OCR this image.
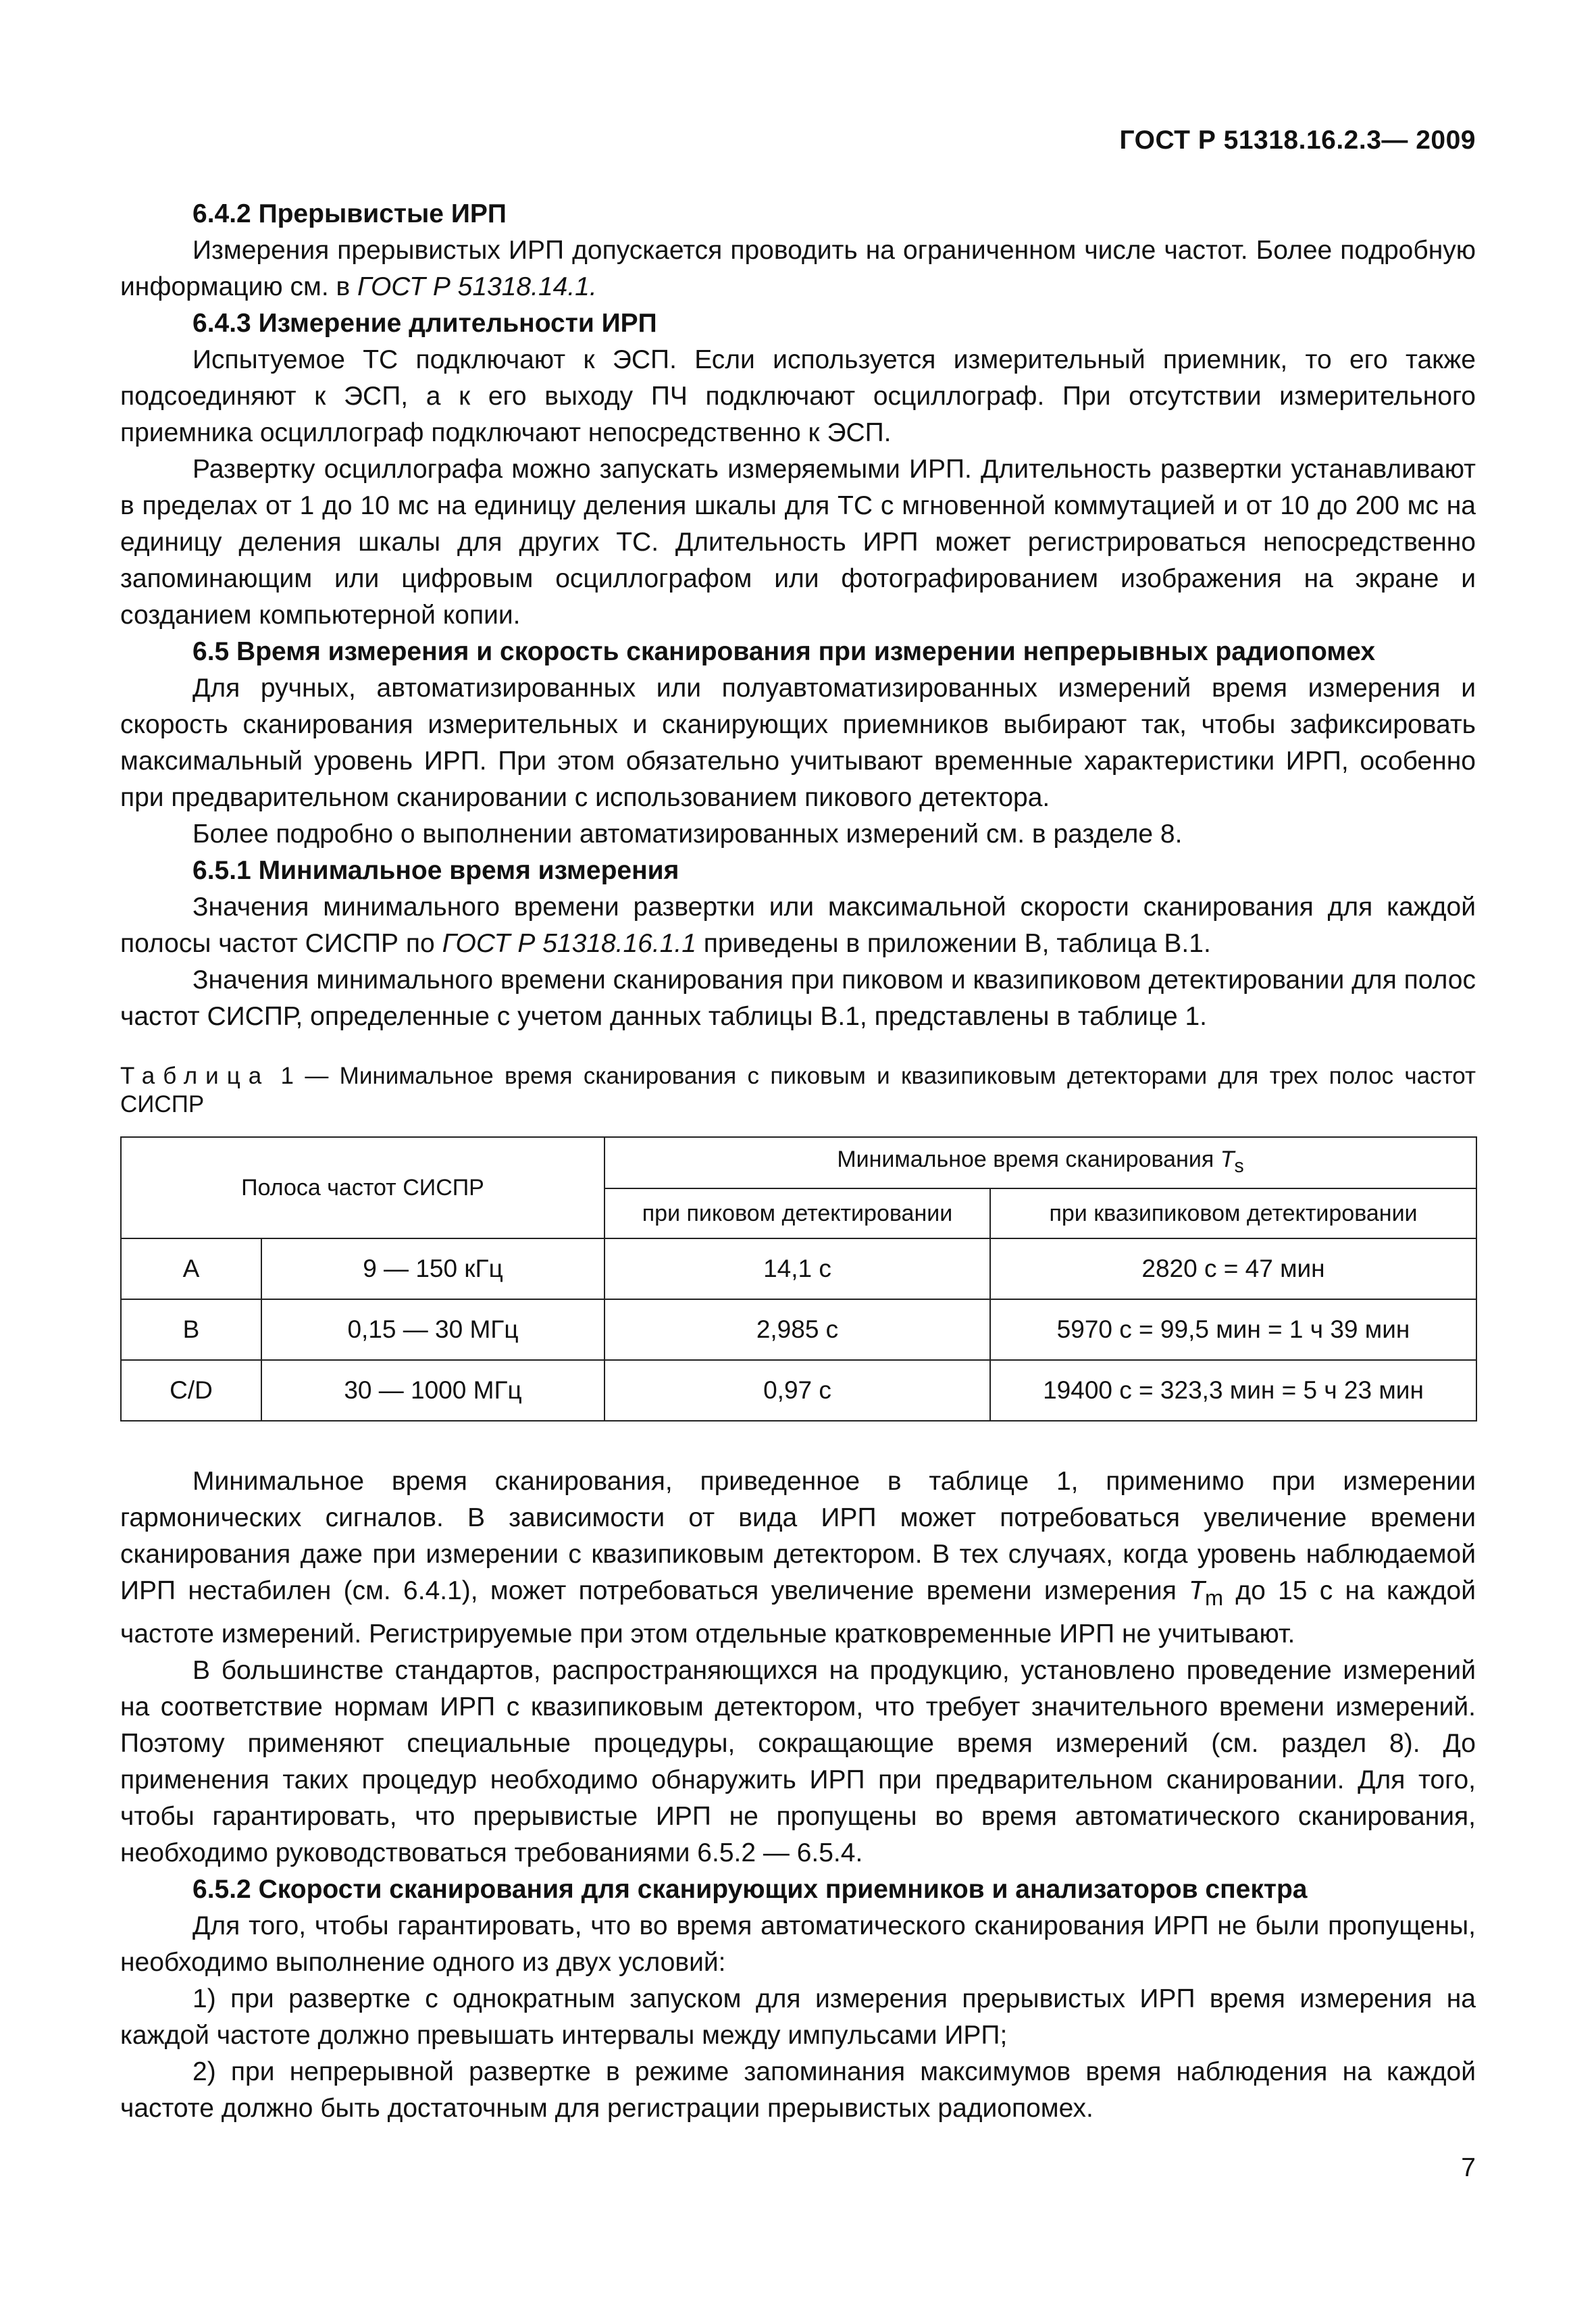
ГОСТ Р 51318.16.2.3— 2009

6.4.2 Прерывистые ИРП

Измерения прерывистых ИРП допускается проводить на ограниченном числе частот. Более подробную информацию см. в ГОСТ Р 51318.14.1.

6.4.3 Измерение длительности ИРП

Испытуемое ТС подключают к ЭСП. Если используется измерительный приемник, то его также подсоединяют к ЭСП, а к его выходу ПЧ подключают осциллограф. При отсутствии измерительного приемника осциллограф подключают непосредственно к ЭСП.

Развертку осциллографа можно запускать измеряемыми ИРП. Длительность развертки устанавливают в пределах от 1 до 10 мс на единицу деления шкалы для ТС с мгновенной коммутацией и от 10 до 200 мс на единицу деления шкалы для других ТС. Длительность ИРП может регистрироваться непосредственно запоминающим или цифровым осциллографом или фотографированием изображения на экране и созданием компьютерной копии.

6.5 Время измерения и скорость сканирования при измерении непрерывных радиопомех

Для ручных, автоматизированных или полуавтоматизированных измерений время измерения и скорость сканирования измерительных и сканирующих приемников выбирают так, чтобы зафиксировать максимальный уровень ИРП. При этом обязательно учитывают временные характеристики ИРП, особенно при предварительном сканировании с использованием пикового детектора.

Более подробно о выполнении автоматизированных измерений см. в разделе 8.

6.5.1 Минимальное время измерения

Значения минимального времени развертки или максимальной скорости сканирования для каждой полосы частот СИСПР по ГОСТ Р 51318.16.1.1 приведены в приложении В, таблица В.1.

Значения минимального времени сканирования при пиковом и квазипиковом детектировании для полос частот СИСПР, определенные с учетом данных таблицы В.1, представлены в таблице 1.

Таблица 1 — Минимальное время сканирования с пиковым и квазипиковым детекторами для трех полос частот СИСПР
Полоса частот СИСПР		Минимальное время сканирования $T_s$
		при пиковом детектировании	при квазипиковом детектировании
A	9 — 150 кГц	14,1 с	2820 с = 47 мин
B	0,15 — 30 МГц	2,985 с	5970 с = 99,5 мин = 1 ч 39 мин
C/D	30 — 1000 МГц	0,97 с	19400 с = 323,3 мин = 5 ч 23 мин

Минимальное время сканирования, приведенное в таблице 1, применимо при измерении гармонических сигналов. В зависимости от вида ИРП может потребоваться увеличение времени сканирования даже при измерении с квазипиковым детектором. В тех случаях, когда уровень наблюдаемой ИРП нестабилен (см. 6.4.1), может потребоваться увеличение времени измерения $T_m$ до 15 с на каждой частоте измерений. Регистрируемые при этом отдельные кратковременные ИРП не учитывают.

В большинстве стандартов, распространяющихся на продукцию, установлено проведение измерений на соответствие нормам ИРП с квазипиковым детектором, что требует значительного времени измерений. Поэтому применяют специальные процедуры, сокращающие время измерений (см. раздел 8). До применения таких процедур необходимо обнаружить ИРП при предварительном сканировании. Для того, чтобы гарантировать, что прерывистые ИРП не пропущены во время автоматического сканирования, необходимо руководствоваться требованиями 6.5.2 — 6.5.4.

6.5.2 Скорости сканирования для сканирующих приемников и анализаторов спектра

Для того, чтобы гарантировать, что во время автоматического сканирования ИРП не были пропущены, необходимо выполнение одного из двух условий:

1) при развертке с однократным запуском для измерения прерывистых ИРП время измерения на каждой частоте должно превышать интервалы между импульсами ИРП;

2) при непрерывной развертке в режиме запоминания максимумов время наблюдения на каждой частоте должно быть достаточным для регистрации прерывистых радиопомех.

7
